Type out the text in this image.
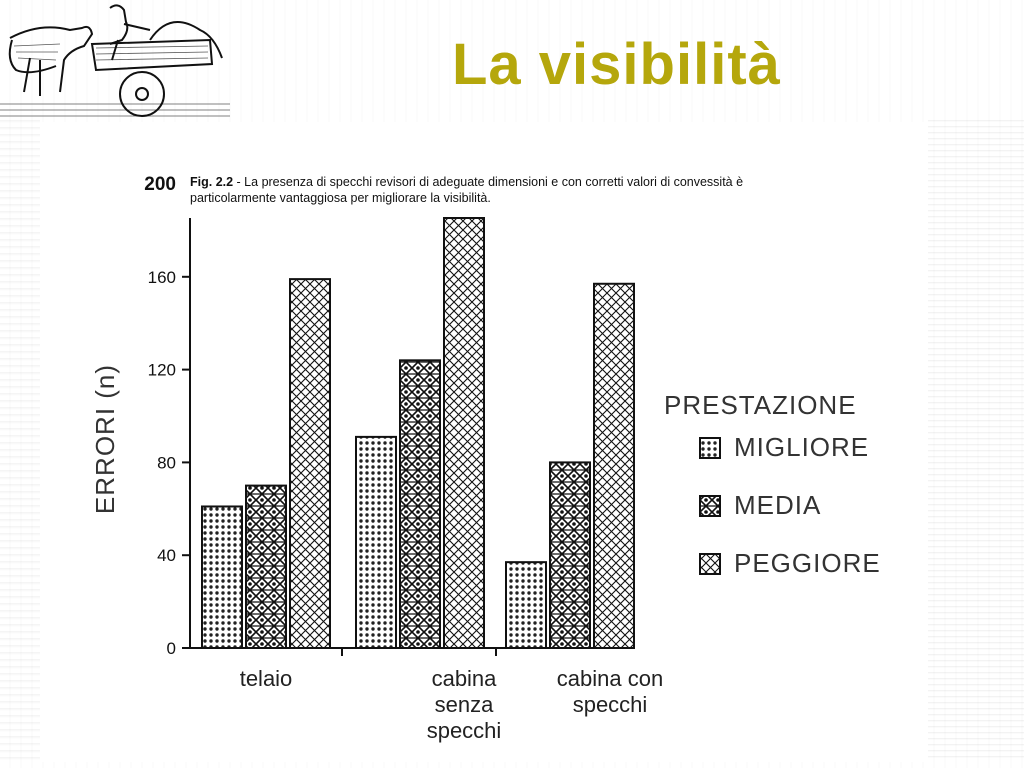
La visibilità
Fig. 2.2 - La presenza di specchi revisori di adeguate dimensioni e con corretti valori di convessità è particolarmente vantaggiosa per migliorare la visibilità.
0
40
80
120
160
200
ERRORI (n)
telaio	cabina
senza
specchi
cabina con
specchi
PRESTAZIONE
MIGLIORE
MEDIA
PEGGIORE
